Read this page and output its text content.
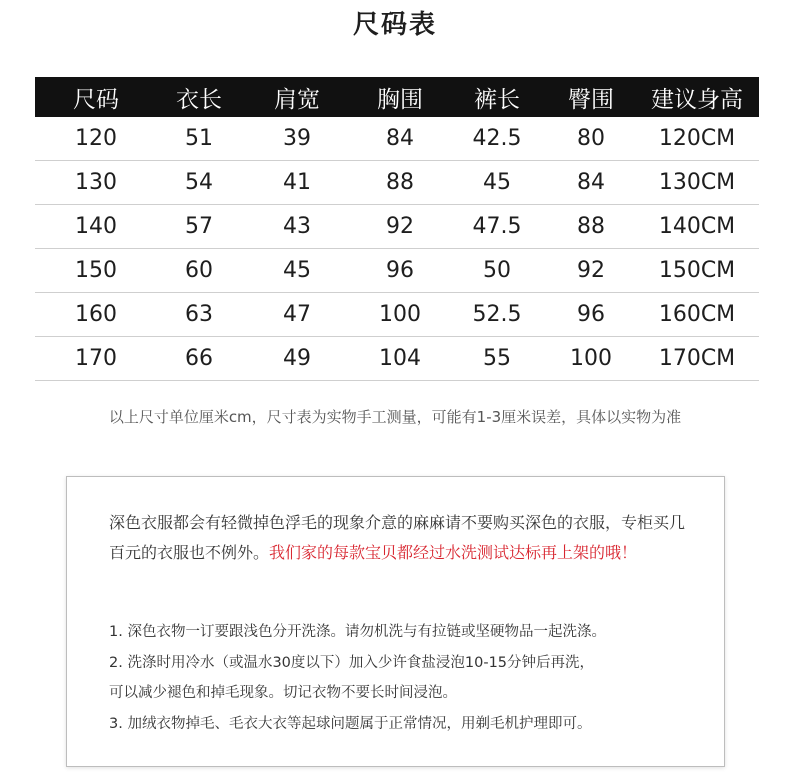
尺码表
尺码	衣长	肩宽	胸围	裤长	臀围	建议身高
120	51	39	84	42.5	80	120CM
130	54	41	88	45	84	130CM
140	57	43	92	47.5	88	140CM
150	60	45	96	50	92	150CM
160	63	47	100	52.5	96	160CM
170	66	49	104	55	100	170CM
以上尺寸单位厘米cm，尺寸表为实物手工测量，可能有1-3厘米误差，具体以实物为准

深色衣服都会有轻微掉色浮毛的现象介意的麻麻请不要购买深色的衣服，专柜买几百元的衣服也不例外。我们家的每款宝贝都经过水洗测试达标再上架的哦！

1. 深色衣物一订要跟浅色分开洗涤。请勿机洗与有拉链或坚硬物品一起洗涤。
2. 洗涤时用冷水（或温水30度以下）加入少许食盐浸泡10-15分钟后再洗，
可以减少褪色和掉毛现象。切记衣物不要长时间浸泡。
3. 加绒衣物掉毛、毛衣大衣等起球问题属于正常情况，用剃毛机护理即可。
